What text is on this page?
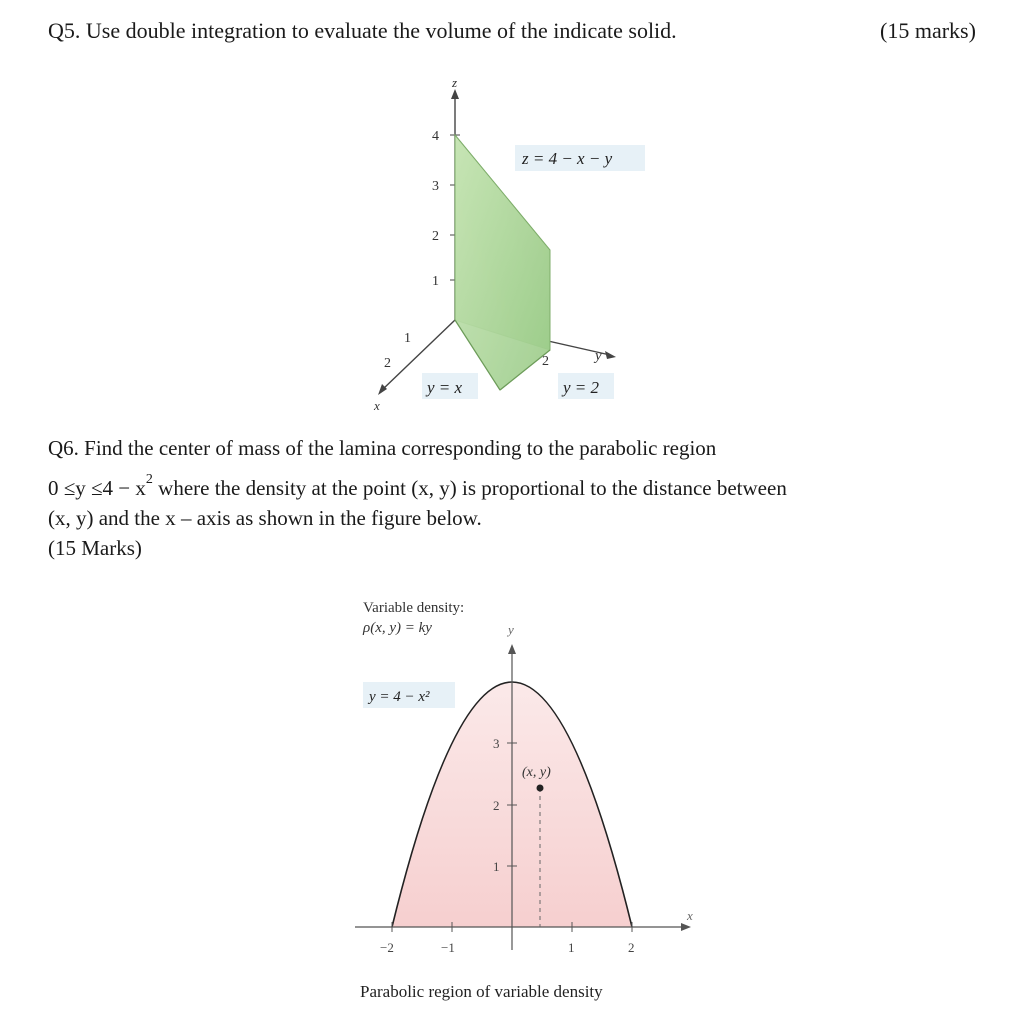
Q5. Use double integration to evaluate the volume of the indicate solid.	(15 marks)
z
4
3
2
1
z = 4 − x − y
1
2
x
2	y
y = x	y = 2
Q6. Find the center of mass of the lamina corresponding to the parabolic region
$0 \le y \le 4 - x^2$ where the density at the point (x, y) is proportional to the distance between
(x, y) and the x – axis as shown in the figure below.
(15 Marks)
Variable density:
ρ(x, y) = ky	y
y = 4 − x²
(x, y)
3
2
1
−2	−1	1	2
x
Parabolic region of variable density
